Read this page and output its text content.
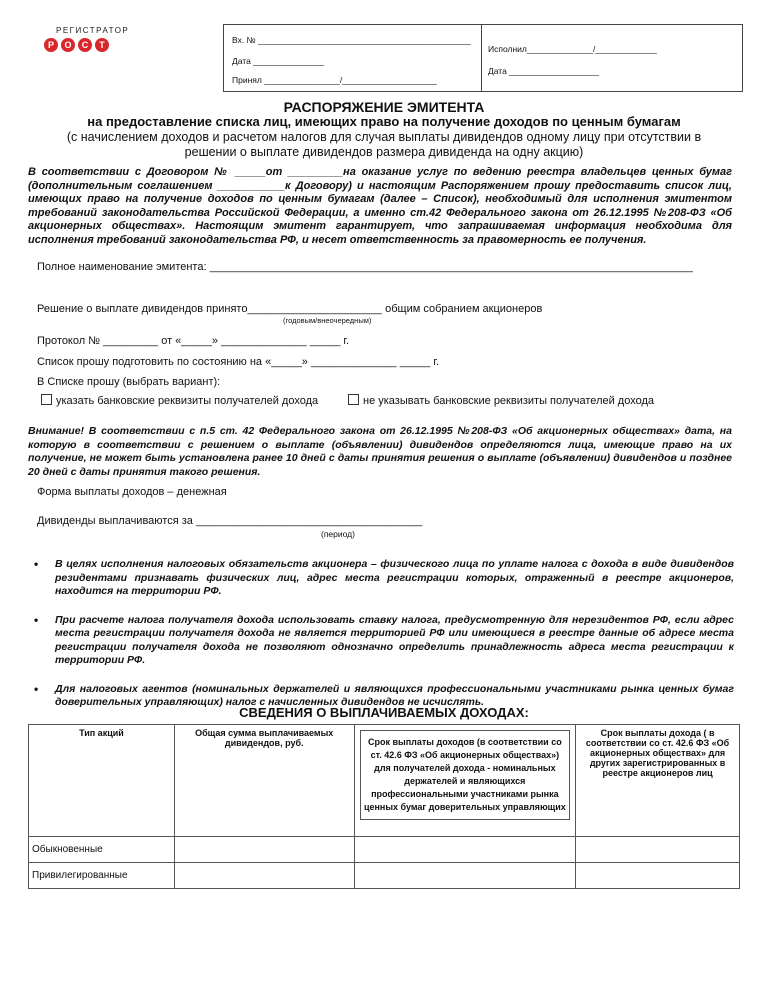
РЕГИСТРАТОР
Р	О	С	Т	Вх. № _____________________________________________
Дата _______________
Принял ________________/____________________
Исполнил______________/_____________
Дата ___________________
РАСПОРЯЖЕНИЕ ЭМИТЕНТА
на предоставление списка лиц, имеющих право на получение доходов по ценным бумагам
(с начислением доходов и расчетом налогов для случая выплаты дивидендов одному лицу при отсутствии в
решении о выплате дивидендов размера дивиденда на одну акцию)
В соответствии с Договором № _____от _________на оказание услуг по ведению реестра владельцев ценных бумаг (дополнительным соглашением ___________к Договору) и настоящим Распоряжением прошу предоставить список лиц, имеющих право на получение доходов по ценным бумагам (далее – Список), необходимый для исполнения эмитентом требований законодательства Российской Федерации, а именно ст.42 Федерального закона от 26.12.1995 №208-ФЗ «Об акционерных обществах». Настоящим эмитент гарантирует, что запрашиваемая информация необходима для исполнения требований законодательства РФ, и несет ответственность за правомерность ее получения.
Полное наименование эмитента: _______________________________________________________________________________
Решение о выплате дивидендов принято______________________ общим собранием акционеров
(годовым/внеочередным)
Протокол № _________ от «_____» ______________ _____ г.
Список прошу подготовить по состоянию на «_____» ______________ _____ г.
В Списке прошу (выбрать вариант):
указать банковские реквизиты получателей дохода	не указывать банковские реквизиты получателей дохода
Внимание! В соответствии с п.5 ст. 42 Федерального закона от 26.12.1995 №208-ФЗ «Об акционерных обществах» дата, на которую в соответствии с решением о выплате (объявлении) дивидендов определяются лица, имеющие право на их получение, не может быть установлена ранее 10 дней с даты принятия решения о выплате (объявлении) дивидендов и позднее 20 дней с даты принятия такого решения.
Форма выплаты доходов – денежная
Дивиденды выплачиваются за _____________________________________
(период)
• В целях исполнения налоговых обязательств акционера – физического лица по уплате налога с дохода в виде дивидендов резидентами признавать физических лиц, адрес места регистрации которых, отраженный в реестре акционеров, находится на территории РФ.
• При расчете налога получателя дохода использовать ставку налога, предусмотренную для нерезидентов РФ, если адрес места регистрации получателя дохода не является территорией РФ или имеющиеся в реестре данные об адресе места регистрации получателя дохода не позволяют однозначно определить принадлежность адреса места регистрации к территории РФ.
• Для налоговых агентов (номинальных держателей и являющихся профессиональными участниками рынка ценных бумаг доверительных управляющих) налог с начисленных дивидендов не исчислять.
СВЕДЕНИЯ О ВЫПЛАЧИВАЕМЫХ ДОХОДАХ:
Тип акций	Общая сумма выплачиваемых дивидендов, руб.	Срок выплаты доходов (в соответствии со ст. 42.6 ФЗ «Об акционерных обществах») для получателей дохода - номинальных держателей и являющихся профессиональными участниками рынка ценных бумаг доверительных управляющих	Срок выплаты дохода ( в соответствии со ст. 42.6 ФЗ «Об акционерных обществах» для других зарегистрированных в реестре акционеров лиц
Обыкновенные			
Привилегированные			
